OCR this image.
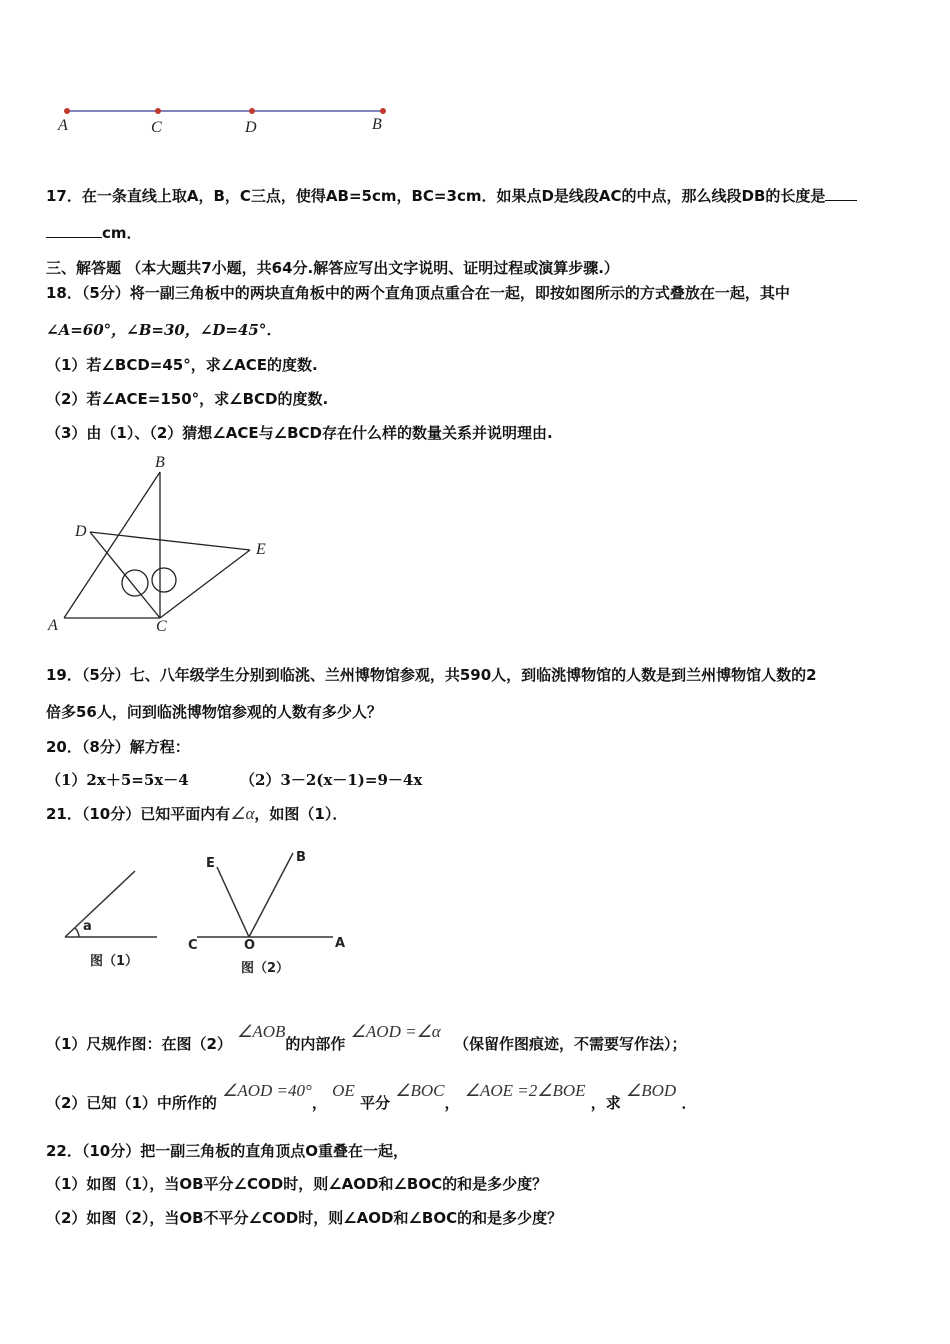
A	C	D	B
17．在一条直线上取A，B，C三点，使得AB=5cm，BC=3cm．如果点D是线段AC的中点，那么线段DB的长度是
cm．
三、解答题 （本大题共7小题，共64分.解答应写出文字说明、证明过程或演算步骤.）
18．（5分）将一副三角板中的两块直角板中的两个直角顶点重合在一起，即按如图所示的方式叠放在一起，其中
∠A=60°，∠B=30，∠D=45°．
（1）若∠BCD=45°，求∠ACE的度数.
（2）若∠ACE=150°，求∠BCD的度数.
（3）由（1）、（2）猜想∠ACE与∠BCD存在什么样的数量关系并说明理由.
B
D
E
A	C
19．（5分）七、八年级学生分别到临洮、兰州博物馆参观，共590人，到临洮博物馆的人数是到兰州博物馆人数的2
倍多56人，问到临洮博物馆参观的人数有多少人？
20．（8分）解方程：
（1）2x＋5=5x－4	（2）3－2(x－1)=9－4x
21．（10分）已知平面内有∠α，如图（1）．
a
图（1）
E	B
C	O	A
图（2）
（1）尺规作图：在图（2） ∠AOB的内部作 ∠AOD =∠α （保留作图痕迹，不需要写作法）；
（2）已知（1）中所作的 ∠AOD =40°， OE 平分 ∠BOC， ∠AOE =2∠BOE ，求 ∠BOD ．
22．（10分）把一副三角板的直角顶点O重叠在一起，
（1）如图（1），当OB平分∠COD时，则∠AOD和∠BOC的和是多少度？
（2）如图（2），当OB不平分∠COD时，则∠AOD和∠BOC的和是多少度？
